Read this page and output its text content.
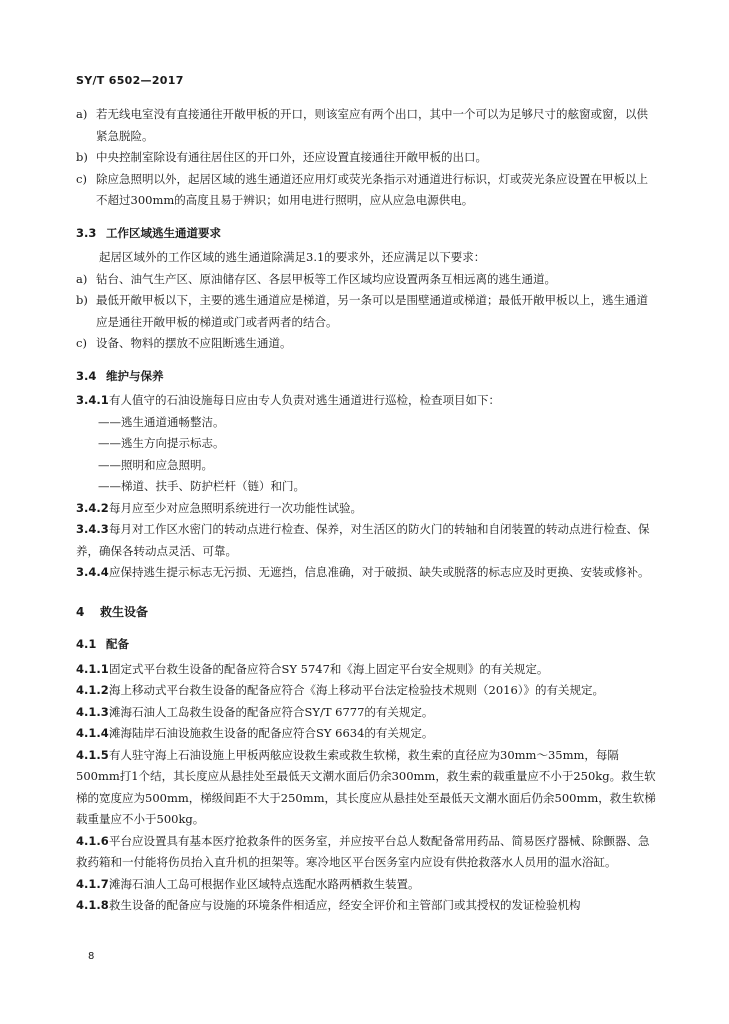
SY/T 6502—2017

a) 若无线电室没有直接通往开敞甲板的开口，则该室应有两个出口，其中一个可以为足够尺寸的舷窗或窗，以供紧急脱险。

b) 中央控制室除设有通往居住区的开口外，还应设置直接通往开敞甲板的出口。

c) 除应急照明以外，起居区域的逃生通道还应用灯或荧光条指示对通道进行标识，灯或荧光条应设置在甲板以上不超过300mm的高度且易于辨识；如用电进行照明，应从应急电源供电。

3.3 工作区域逃生通道要求

起居区域外的工作区域的逃生通道除满足3.1的要求外，还应满足以下要求：

a) 钻台、油气生产区、原油储存区、各层甲板等工作区域均应设置两条互相远离的逃生通道。

b) 最低开敞甲板以下，主要的逃生通道应是梯道，另一条可以是围壁通道或梯道；最低开敞甲板以上，逃生通道应是通往开敞甲板的梯道或门或者两者的结合。

c) 设备、物料的摆放不应阻断逃生通道。

3.4 维护与保养

3.4.1有人值守的石油设施每日应由专人负责对逃生通道进行巡检，检查项目如下：

——逃生通道通畅整洁。

——逃生方向提示标志。

——照明和应急照明。

——梯道、扶手、防护栏杆（链）和门。

3.4.2每月应至少对应急照明系统进行一次功能性试验。

3.4.3每月对工作区水密门的转动点进行检查、保养，对生活区的防火门的转轴和自闭装置的转动点进行检查、保养，确保各转动点灵活、可靠。

3.4.4应保持逃生提示标志无污损、无遮挡，信息准确，对于破损、缺失或脱落的标志应及时更换、安装或修补。

4 救生设备

4.1 配备

4.1.1固定式平台救生设备的配备应符合SY 5747和《海上固定平台安全规则》的有关规定。

4.1.2海上移动式平台救生设备的配备应符合《海上移动平台法定检验技术规则（2016）》的有关规定。

4.1.3滩海石油人工岛救生设备的配备应符合SY/T 6777的有关规定。

4.1.4滩海陆岸石油设施救生设备的配备应符合SY 6634的有关规定。

4.1.5有人驻守海上石油设施上甲板两舷应设救生索或救生软梯，救生索的直径应为30mm～35mm，每隔500mm打1个结，其长度应从悬挂处至最低天文潮水面后仍余300mm，救生索的载重量应不小于250kg。救生软梯的宽度应为500mm，梯级间距不大于250mm，其长度应从悬挂处至最低天文潮水面后仍余500mm，救生软梯载重量应不小于500kg。

4.1.6平台应设置具有基本医疗抢救条件的医务室，并应按平台总人数配备常用药品、简易医疗器械、除颤器、急救药箱和一付能将伤员抬入直升机的担架等。寒冷地区平台医务室内应设有供抢救落水人员用的温水浴缸。

4.1.7滩海石油人工岛可根据作业区域特点选配水路两栖救生装置。

4.1.8救生设备的配备应与设施的环境条件相适应，经安全评价和主管部门或其授权的发证检验机构

8
